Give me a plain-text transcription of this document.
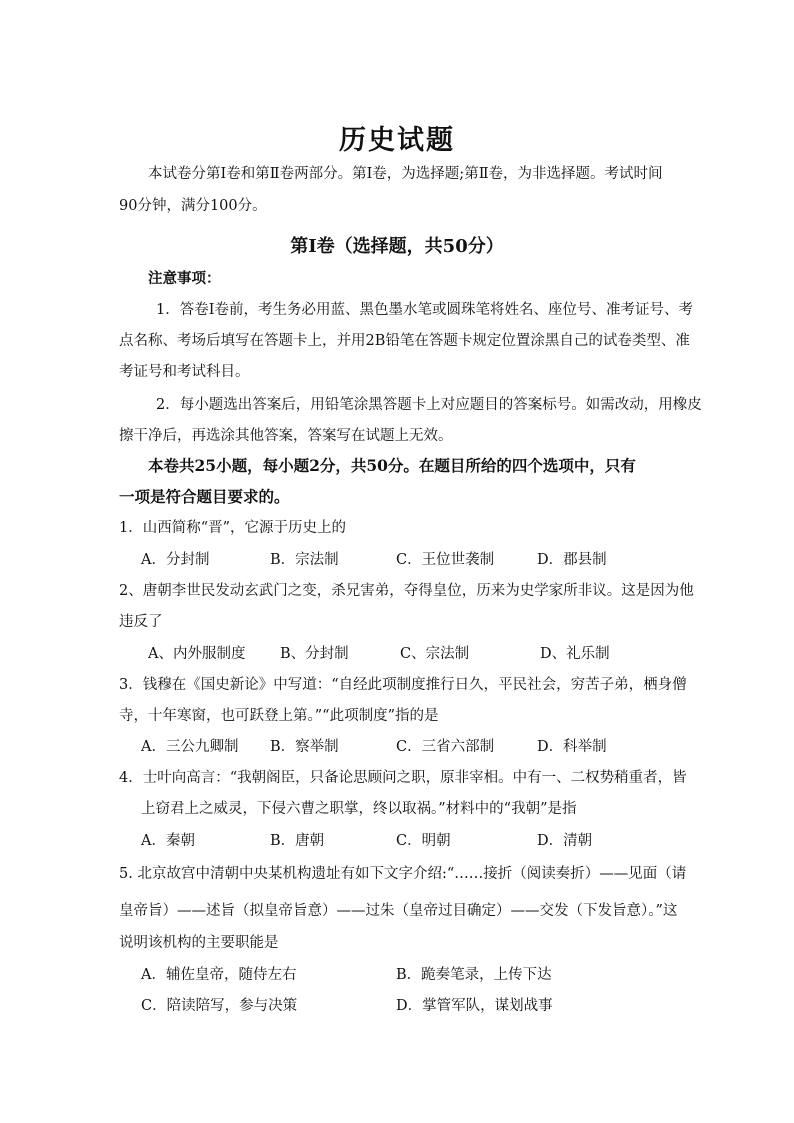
历史试题
本试卷分第Ⅰ卷和第Ⅱ卷两部分。第Ⅰ卷，为选择题;第Ⅱ卷，为非选择题。考试时间
90分钟，满分100分。
第Ⅰ卷（选择题，共50分）
注意事项：
1．答卷Ⅰ卷前，考生务必用蓝、黑色墨水笔或圆珠笔将姓名、座位号、准考证号、考
点名称、考场后填写在答题卡上，并用2B铅笔在答题卡规定位置涂黑自己的试卷类型、准
考证号和考试科目。
2．每小题选出答案后，用铅笔涂黑答题卡上对应题目的答案标号。如需改动，用橡皮
擦干净后，再选涂其他答案，答案写在试题上无效。
本卷共25小题，每小题2分，共50分。在题目所给的四个选项中，只有
一项是符合题目要求的。
1．山西简称“晋”，它源于历史上的
A．分封制	B．宗法制	C．王位世袭制	D．郡县制
2、唐朝李世民发动玄武门之变，杀兄害弟，夺得皇位，历来为史学家所非议。这是因为他
违反了
A、内外服制度 B、分封制	C、宗法制	D、礼乐制
3．钱穆在《国史新论》中写道：“自经此项制度推行日久，平民社会，穷苦子弟，栖身僧
寺，十年寒窗，也可跃登上第。”“此项制度”指的是
A．三公九卿制 B．察举制	C．三省六部制	D．科举制
4．士叶向高言：“我朝阁臣，只备论思顾问之职，原非宰相。中有一、二权势稍重者，皆
上窃君上之威灵，下侵六曹之职掌，终以取祸。”材料中的“我朝”是指
A．秦朝	B．唐朝	C．明朝	D．清朝
5. 北京故宫中清朝中央某机构遗址有如下文字介绍:“……接折（阅读奏折）——见面（请
皇帝旨）——述旨（拟皇帝旨意）——过朱（皇帝过目确定）——交发（下发旨意）。”这
说明该机构的主要职能是
A．辅佐皇帝，随侍左右	B．跪奏笔录，上传下达
C．陪读陪写，参与决策	D．掌管军队，谋划战事
